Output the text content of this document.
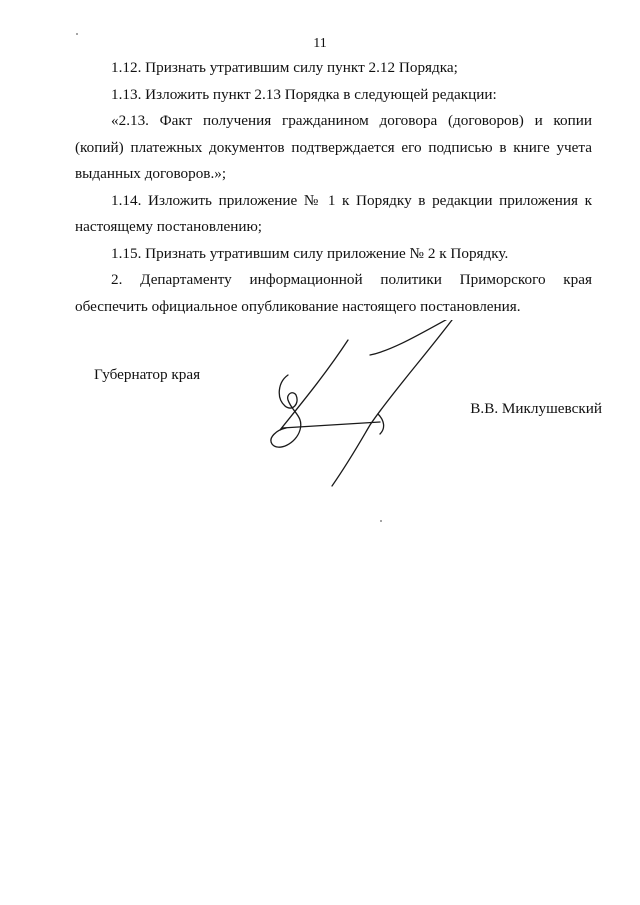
11

1.12. Признать утратившим силу пункт 2.12 Порядка;

1.13. Изложить пункт 2.13 Порядка в следующей редакции:

«2.13. Факт получения гражданином договора (договоров) и копии (копий) платежных документов подтверждается его подписью в книге учета выданных договоров.»;

1.14. Изложить приложение № 1 к Порядку в редакции приложения к настоящему постановлению;

1.15. Признать утратившим силу приложение № 2 к Порядку.

2. Департаменту информационной политики Приморского края обеспечить официальное опубликование настоящего постановления.

Губернатор края
В.В. Миклушевский
